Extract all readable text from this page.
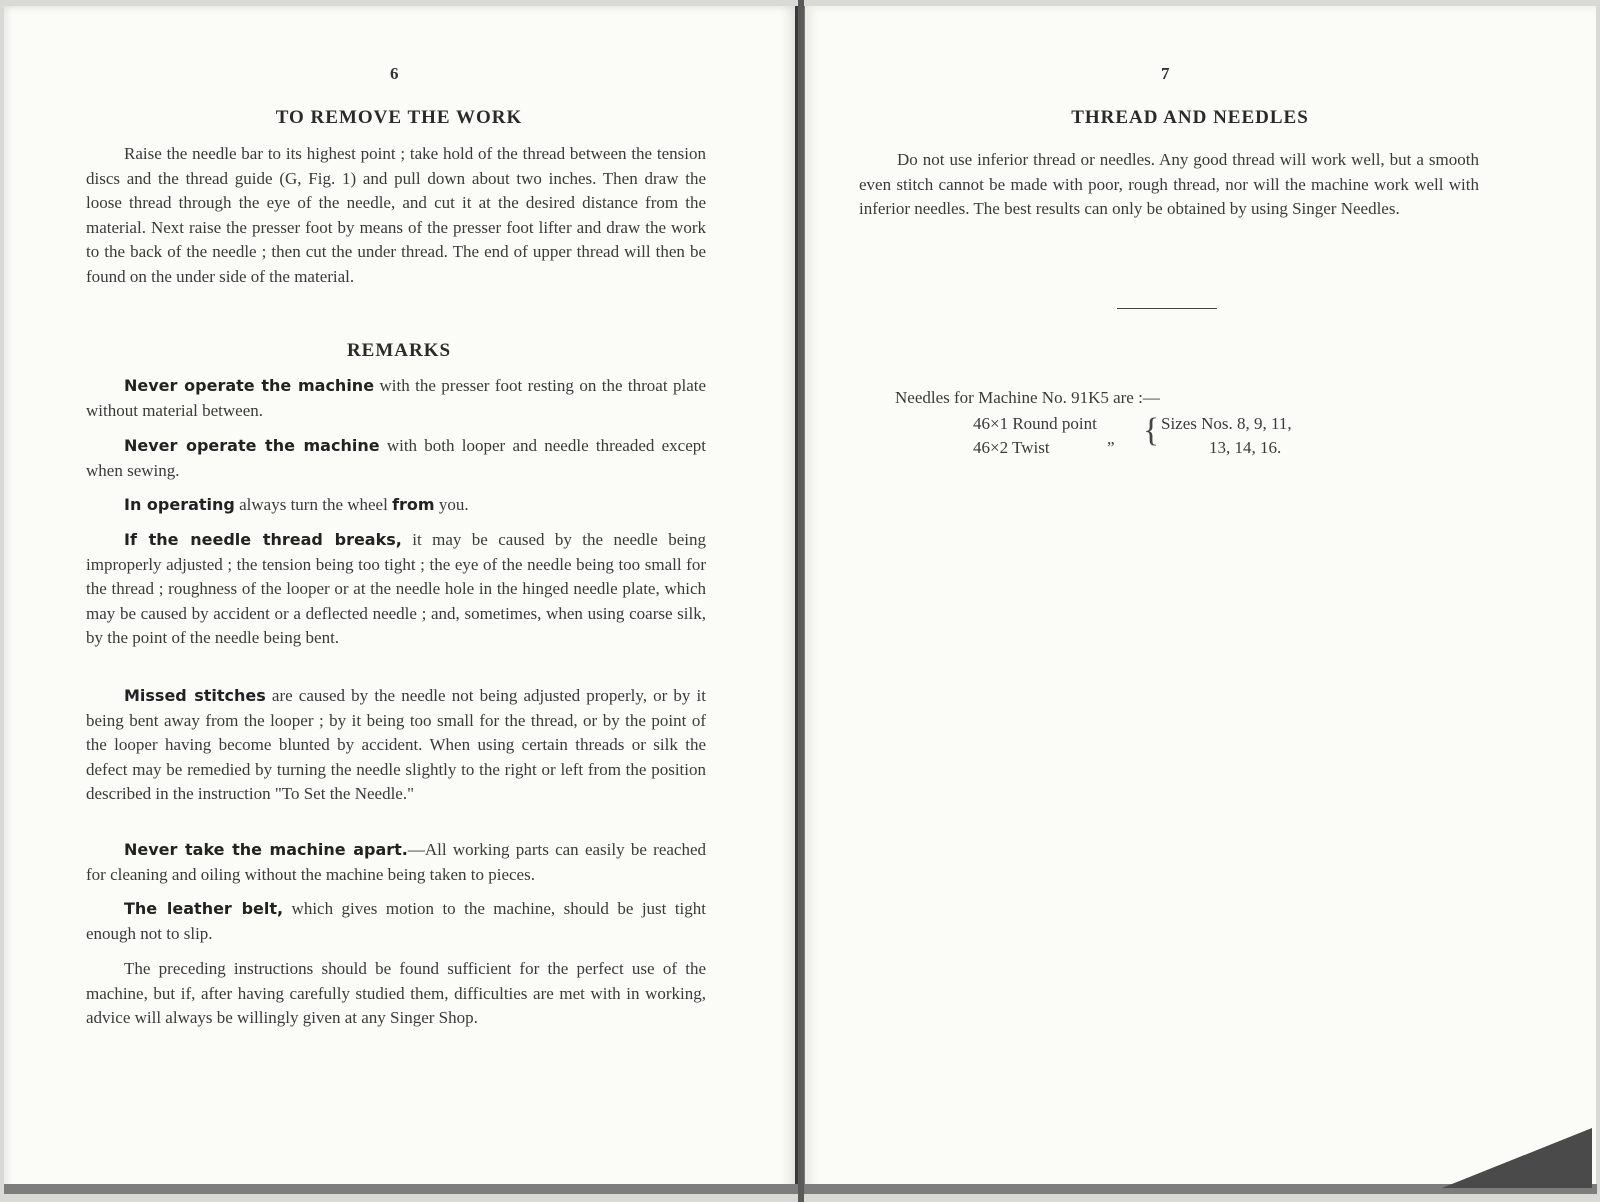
6
TO REMOVE THE WORK
Raise the needle bar to its highest point ; take hold of the thread between the tension discs and the thread guide (G, Fig. 1) and pull down about two inches. Then draw the loose thread through the eye of the needle, and cut it at the desired distance from the material. Next raise the presser foot by means of the presser foot lifter and draw the work to the back of the needle ; then cut the under thread. The end of upper thread will then be found on the under side of the material.
REMARKS
Never operate the machine with the presser foot resting on the throat plate without material between.
Never operate the machine with both looper and needle threaded except when sewing.
In operating always turn the wheel from you.
If the needle thread breaks, it may be caused by the needle being improperly adjusted ; the tension being too tight ; the eye of the needle being too small for the thread ; roughness of the looper or at the needle hole in the hinged needle plate, which may be caused by accident or a deflected needle ; and, sometimes, when using coarse silk, by the point of the needle being bent.
Missed stitches are caused by the needle not being adjusted properly, or by it being bent away from the looper ; by it being too small for the thread, or by the point of the looper having become blunted by accident. When using certain threads or silk the defect may be remedied by turning the needle slightly to the right or left from the position described in the instruction "To Set the Needle."
Never take the machine apart.—All working parts can easily be reached for cleaning and oiling without the machine being taken to pieces.
The leather belt, which gives motion to the machine, should be just tight enough not to slip.
The preceding instructions should be found sufficient for the perfect use of the machine, but if, after having carefully studied them, difficulties are met with in working, advice will always be willingly given at any Singer Shop.
7
THREAD AND NEEDLES
Do not use inferior thread or needles. Any good thread will work well, but a smooth even stitch cannot be made with poor, rough thread, nor will the machine work well with inferior needles. The best results can only be obtained by using Singer Needles.
Needles for Machine No. 91K5 are :—
46×1 Round point
46×2 Twist	” { Sizes Nos. 8, 9, 11,
13, 14, 16.
